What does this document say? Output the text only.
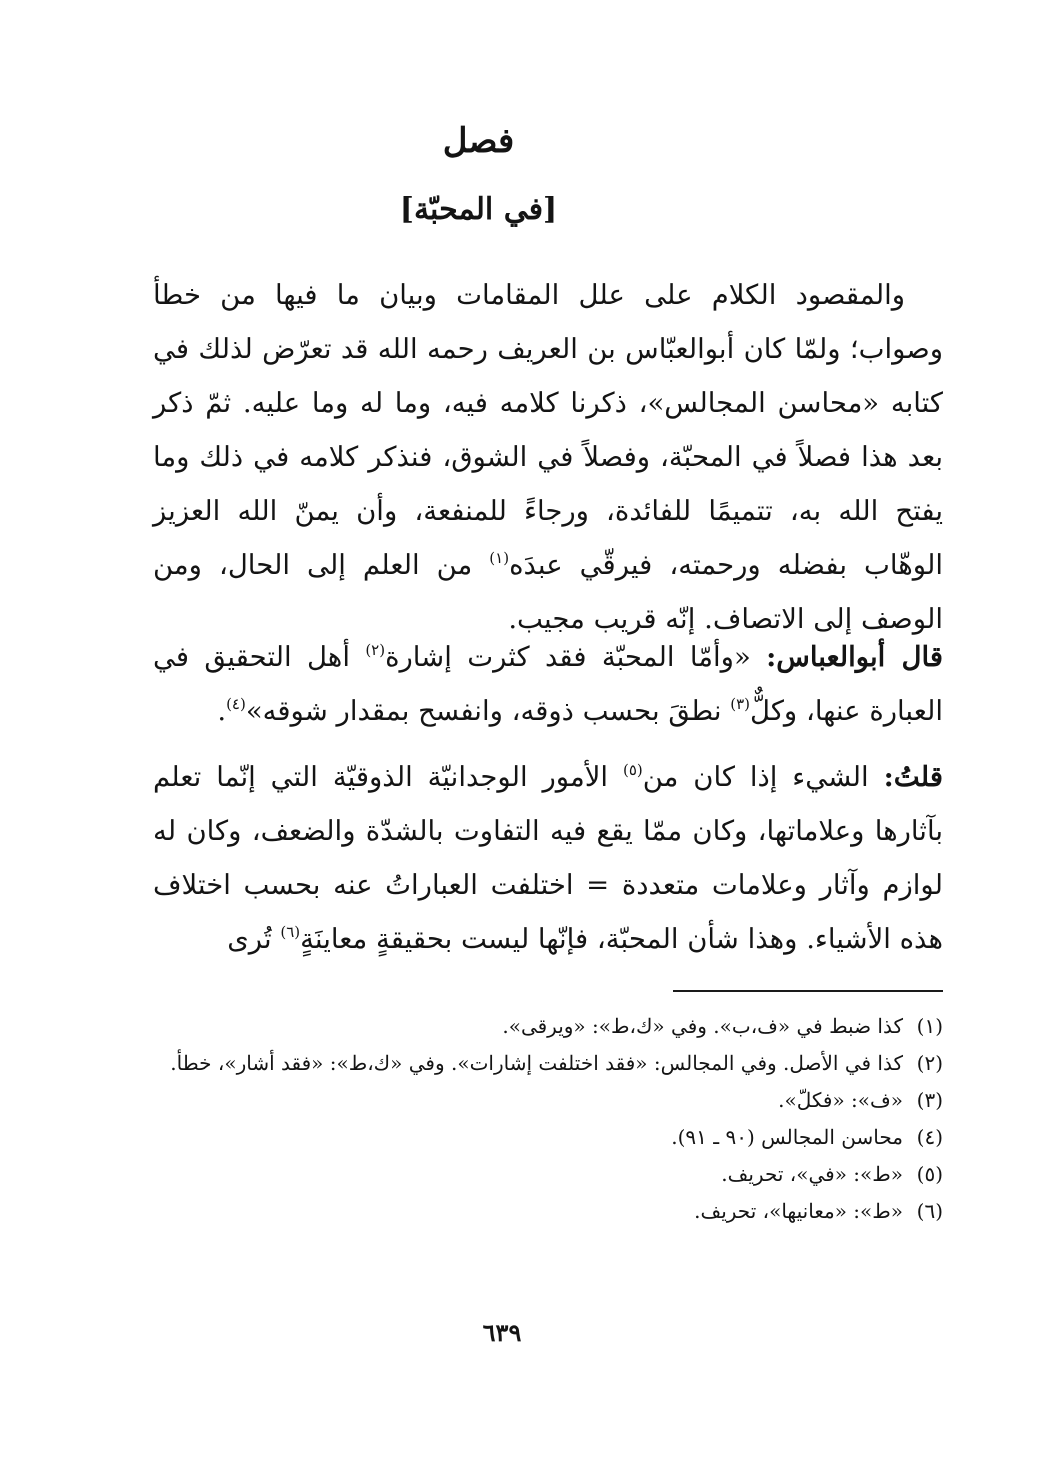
فصل
[في المحبّة]

والمقصود الكلام على علل المقامات وبيان ما فيها من خطأ وصواب؛ ولمّا كان أبوالعبّاس بن العريف رحمه الله قد تعرّض لذلك في كتابه «محاسن المجالس»، ذكرنا كلامه فيه، وما له وما عليه. ثمّ ذكر بعد هذا فصلاً في المحبّة، وفصلاً في الشوق، فنذكر كلامه في ذلك وما يفتح الله به، تتميمًا للفائدة، ورجاءً للمنفعة، وأن يمنّ الله العزيز الوهّاب بفضله ورحمته، فيرقّي عبدَه$^{(١)}$ من العلم إلى الحال، ومن الوصف إلى الاتصاف. إنّه قريب مجيب.

قال أبوالعباس: «وأمّا المحبّة فقد كثرت إشارة$^{(٢)}$ أهل التحقيق في العبارة عنها، وكلٌّ$^{(٣)}$ نطقَ بحسب ذوقه، وانفسح بمقدار شوقه»$^{(٤)}$.

قلتُ: الشيء إذا كان من$^{(٥)}$ الأمور الوجدانيّة الذوقيّة التي إنّما تعلم بآثارها وعلاماتها، وكان ممّا يقع فيه التفاوت بالشدّة والضعف، وكان له لوازم وآثار وعلامات متعددة = اختلفت العباراتُ عنه بحسب اختلاف هذه الأشياء. وهذا شأن المحبّة، فإنّها ليست بحقيقةٍ معاينَةٍ$^{(٦)}$ تُرى

(١)
كذا ضبط في «ف،ب». وفي «ك،ط»: «ويرقى».
(٢)
كذا في الأصل. وفي المجالس: «فقد اختلفت إشارات». وفي «ك،ط»: «فقد أشار»، خطأ.
(٣)
«ف»: «فكلّ».
(٤)
محاسن المجالس (٩٠ ـ ٩١).
(٥)
«ط»: «في»، تحريف.
(٦)
«ط»: «معانيها»، تحريف.
٦٣٩
